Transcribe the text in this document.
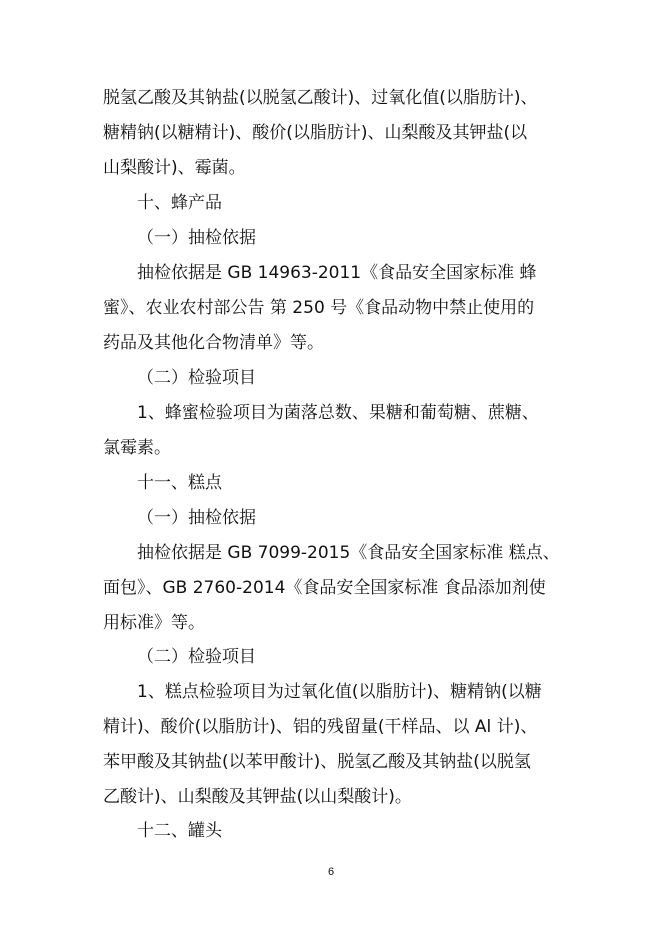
脱氢乙酸及其钠盐(以脱氢乙酸计)、过氧化值(以脂肪计)、

糖精钠(以糖精计)、酸价(以脂肪计)、山梨酸及其钾盐(以

山梨酸计)、霉菌。

十、蜂产品

（一）抽检依据

抽检依据是 GB 14963-2011《食品安全国家标准 蜂

蜜》、农业农村部公告 第 250 号《食品动物中禁止使用的

药品及其他化合物清单》等。

（二）检验项目

1、蜂蜜检验项目为菌落总数、果糖和葡萄糖、蔗糖、

氯霉素。

十一、糕点

（一）抽检依据

抽检依据是 GB 7099-2015《食品安全国家标准 糕点、

面包》、GB 2760-2014《食品安全国家标准 食品添加剂使

用标准》等。

（二）检验项目

1、糕点检验项目为过氧化值(以脂肪计)、糖精钠(以糖

精计)、酸价(以脂肪计)、铝的残留量(干样品、以 Al 计)、

苯甲酸及其钠盐(以苯甲酸计)、脱氢乙酸及其钠盐(以脱氢

乙酸计)、山梨酸及其钾盐(以山梨酸计)。

十二、罐头

6
